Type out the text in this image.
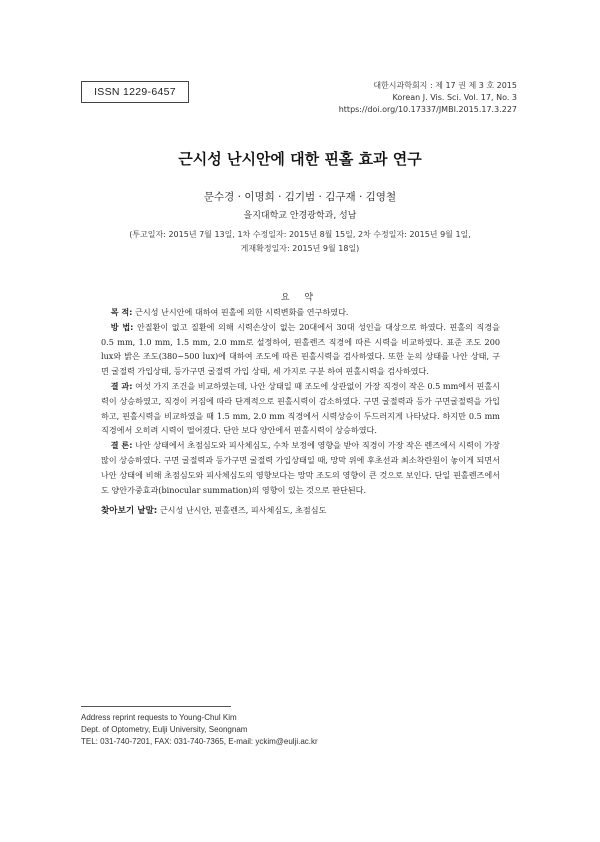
ISSN 1229-6457
대한시과학회지 : 제 17 권 제 3 호 2015
Korean J. Vis. Sci. Vol. 17, No. 3
https://doi.org/10.17337/JMBI.2015.17.3.227
근시성 난시안에 대한 핀홀 효과 연구
문수경 · 이명희 · 김기범 · 김구재 · 김영철
을지대학교 안경광학과, 성남
(투고일자: 2015년 7월 13일, 1차 수정일자: 2015년 8월 15일, 2차 수정일자: 2015년 9월 1일,
게재확정일자: 2015년 9월 18일)
요 약

목 적: 근시성 난시안에 대하여 핀홀에 의한 시력변화를 연구하였다.

방 법: 안질환이 없고 질환에 의해 시력손상이 없는 20대에서 30대 성인을 대상으로 하였다. 핀홀의 직경을 0.5 mm, 1.0 mm, 1.5 mm, 2.0 mm로 설정하여, 핀홀렌즈 직경에 따른 시력을 비교하였다. 표준 조도 200 lux와 밝은 조도(380~500 lux)에 대하여 조도에 따른 핀홀시력을 검사하였다. 또한 눈의 상태를 나안 상태, 구면 굴절력 가입상태, 등가구면 굴절력 가입 상태, 세 가지로 구분 하여 핀홀시력을 검사하였다.

결 과: 여섯 가지 조건을 비교하였는데, 나안 상태일 때 조도에 상관없이 가장 직경이 작은 0.5 mm에서 핀홀시력이 상승하였고, 직경이 커짐에 따라 단계적으로 핀홀시력이 감소하였다. 구면 굴절력과 등가 구면굴절력을 가입하고, 핀홀시력을 비교하였을 때 1.5 mm, 2.0 mm 직경에서 시력상승이 두드러지게 나타났다. 하지만 0.5 mm 직경에서 오히려 시력이 떨어졌다. 단안 보다 양안에서 핀홀시력이 상승하였다.

결 론: 나안 상태에서 초점심도와 피사체심도, 수차 보정에 영향을 받아 직경이 가장 작은 렌즈에서 시력이 가장 많이 상승하였다. 구면 굴절력과 등가구면 굴절력 가입상태일 때, 망막 위에 후초선과 최소착란원이 놓이게 되면서 나안 상태에 비해 초점심도와 피사체심도의 영향보다는 망막 조도의 영향이 큰 것으로 보인다. 단일 핀홀렌즈에서도 양안가중효과(binocular summation)의 영향이 있는 것으로 판단된다.

찾아보기 낱말: 근시성 난시안, 핀홀렌즈, 피사체심도, 초점심도
Address reprint requests to Young-Chul Kim
Dept. of Optometry, Eulji University, Seongnam
TEL: 031-740-7201, FAX: 031-740-7365, E-mail: yckim@eulji.ac.kr
